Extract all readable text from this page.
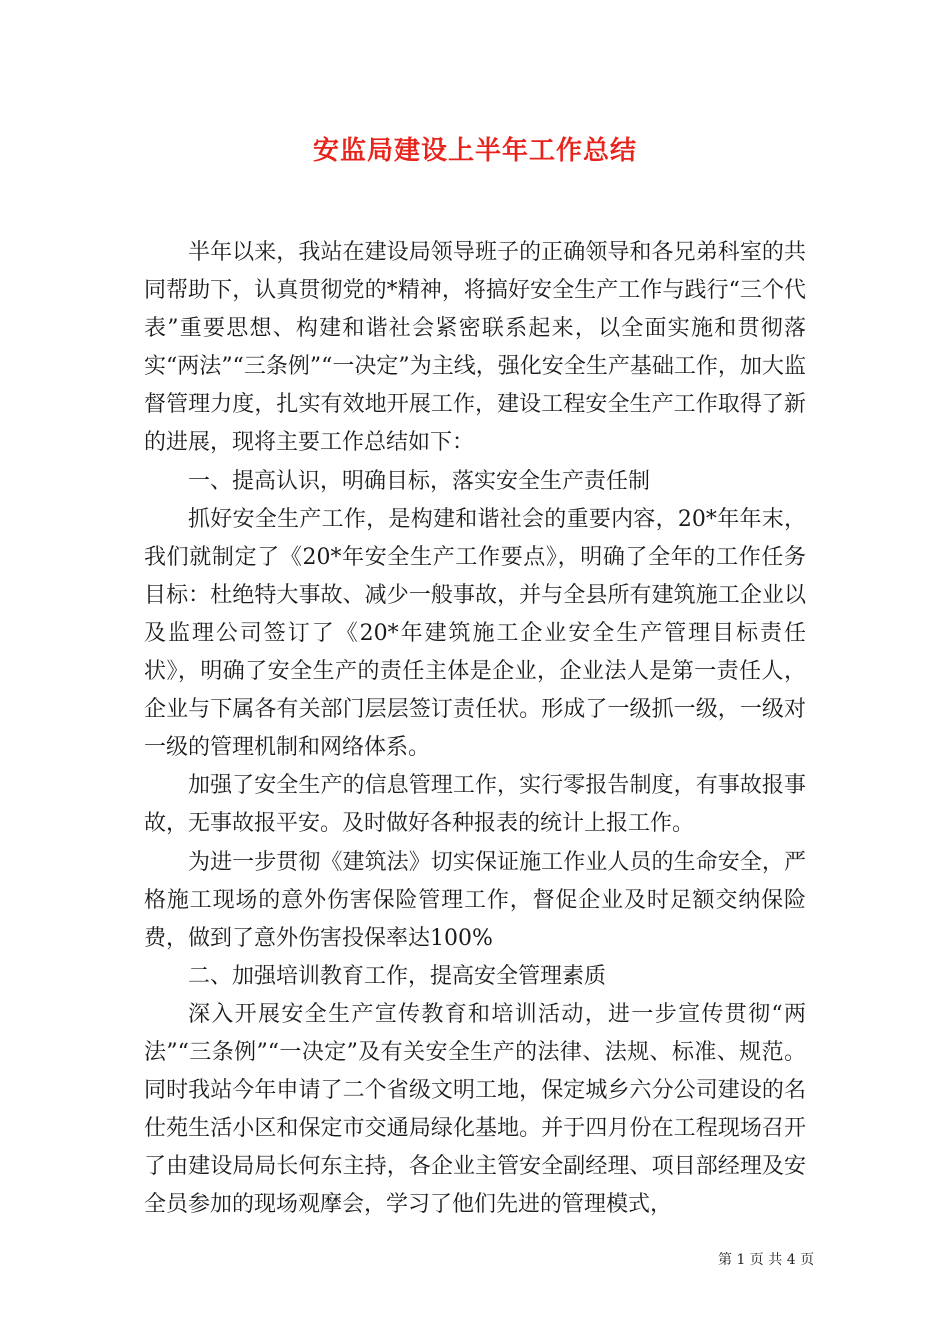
安监局建设上半年工作总结

半年以来，我站在建设局领导班子的正确领导和各兄弟科室的共同帮助下，认真贯彻党的*精神，将搞好安全生产工作与践行“三个代表”重要思想、构建和谐社会紧密联系起来，以全面实施和贯彻落实“两法”“三条例”“一决定”为主线，强化安全生产基础工作，加大监督管理力度，扎实有效地开展工作，建设工程安全生产工作取得了新的进展，现将主要工作总结如下：

一、提高认识，明确目标，落实安全生产责任制

抓好安全生产工作，是构建和谐社会的重要内容，20*年年末，我们就制定了《20*年安全生产工作要点》，明确了全年的工作任务目标：杜绝特大事故、减少一般事故，并与全县所有建筑施工企业以及监理公司签订了《20*年建筑施工企业安全生产管理目标责任状》，明确了安全生产的责任主体是企业，企业法人是第一责任人，企业与下属各有关部门层层签订责任状。形成了一级抓一级，一级对一级的管理机制和网络体系。

加强了安全生产的信息管理工作，实行零报告制度，有事故报事故，无事故报平安。及时做好各种报表的统计上报工作。

为进一步贯彻《建筑法》切实保证施工作业人员的生命安全，严格施工现场的意外伤害保险管理工作，督促企业及时足额交纳保险费，做到了意外伤害投保率达100%

二、加强培训教育工作，提高安全管理素质

深入开展安全生产宣传教育和培训活动，进一步宣传贯彻“两法”“三条例”“一决定”及有关安全生产的法律、法规、标准、规范。同时我站今年申请了二个省级文明工地，保定城乡六分公司建设的名仕苑生活小区和保定市交通局绿化基地。并于四月份在工程现场召开了由建设局局长何东主持，各企业主管安全副经理、项目部经理及安全员参加的现场观摩会，学习了他们先进的管理模式，

第 1 页 共 4 页
